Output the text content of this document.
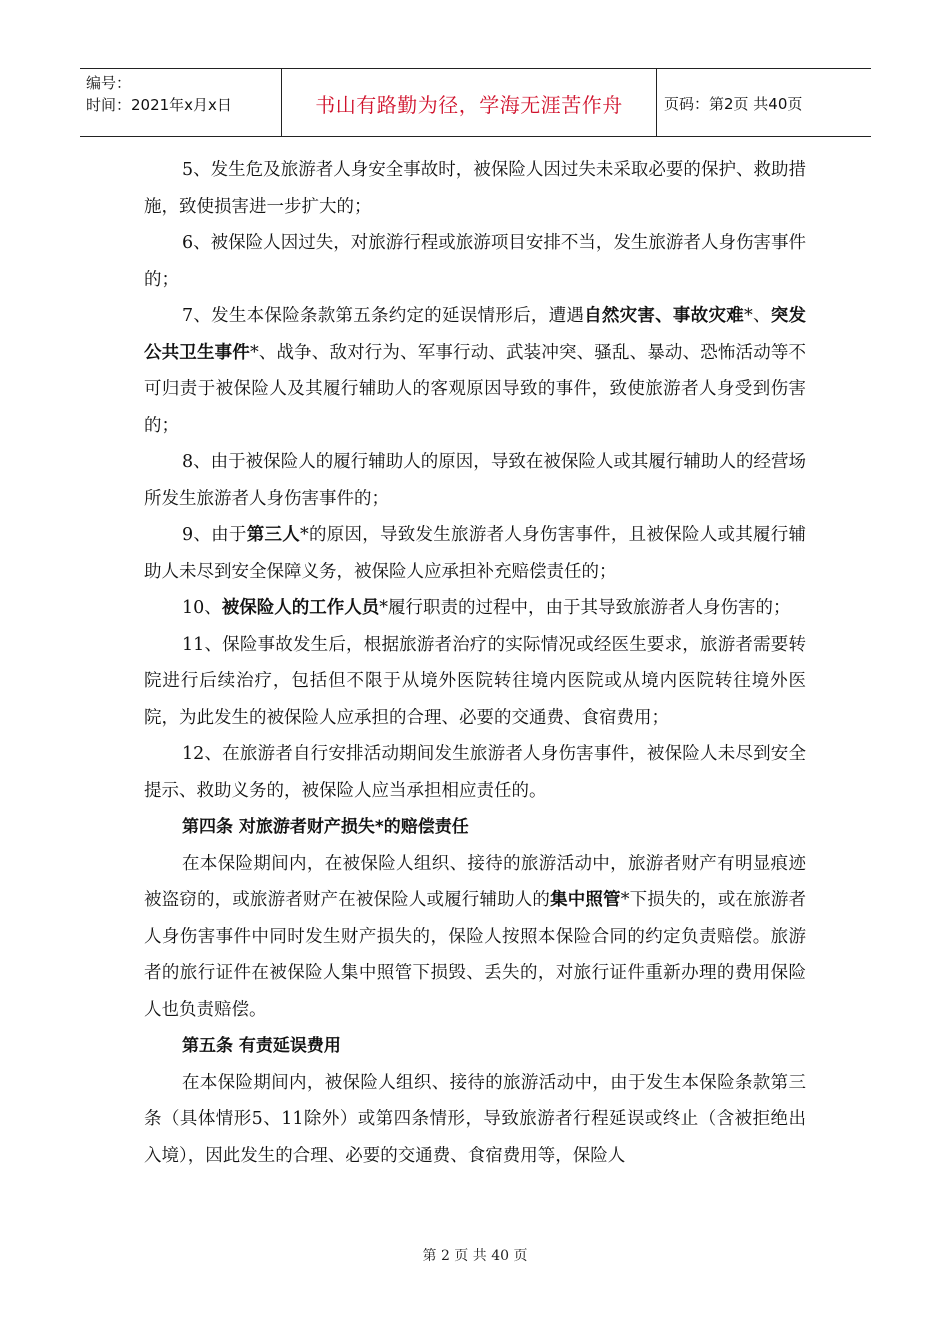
编号：
时间：2021年x月x日	书山有路勤为径，学海无涯苦作舟	页码：第2页 共40页

5、发生危及旅游者人身安全事故时，被保险人因过失未采取必要的保护、救助措施，致使损害进一步扩大的；

6、被保险人因过失，对旅游行程或旅游项目安排不当，发生旅游者人身伤害事件的；

7、发生本保险条款第五条约定的延误情形后，遭遇自然灾害、事故灾难*、突发公共卫生事件*、战争、敌对行为、军事行动、武装冲突、骚乱、暴动、恐怖活动等不可归责于被保险人及其履行辅助人的客观原因导致的事件，致使旅游者人身受到伤害的；

8、由于被保险人的履行辅助人的原因，导致在被保险人或其履行辅助人的经营场所发生旅游者人身伤害事件的；

9、由于第三人*的原因，导致发生旅游者人身伤害事件，且被保险人或其履行辅助人未尽到安全保障义务，被保险人应承担补充赔偿责任的；

10、被保险人的工作人员*履行职责的过程中，由于其导致旅游者人身伤害的；

11、保险事故发生后，根据旅游者治疗的实际情况或经医生要求，旅游者需要转院进行后续治疗，包括但不限于从境外医院转往境内医院或从境内医院转往境外医院，为此发生的被保险人应承担的合理、必要的交通费、食宿费用；

12、在旅游者自行安排活动期间发生旅游者人身伤害事件，被保险人未尽到安全提示、救助义务的，被保险人应当承担相应责任的。

第四条 对旅游者财产损失*的赔偿责任

在本保险期间内，在被保险人组织、接待的旅游活动中，旅游者财产有明显痕迹被盗窃的，或旅游者财产在被保险人或履行辅助人的集中照管*下损失的，或在旅游者人身伤害事件中同时发生财产损失的，保险人按照本保险合同的约定负责赔偿。旅游者的旅行证件在被保险人集中照管下损毁、丢失的，对旅行证件重新办理的费用保险人也负责赔偿。

第五条 有责延误费用

在本保险期间内，被保险人组织、接待的旅游活动中，由于发生本保险条款第三条（具体情形5、11除外）或第四条情形，导致旅游者行程延误或终止（含被拒绝出入境），因此发生的合理、必要的交通费、食宿费用等，保险人

第 2 页 共 40 页
